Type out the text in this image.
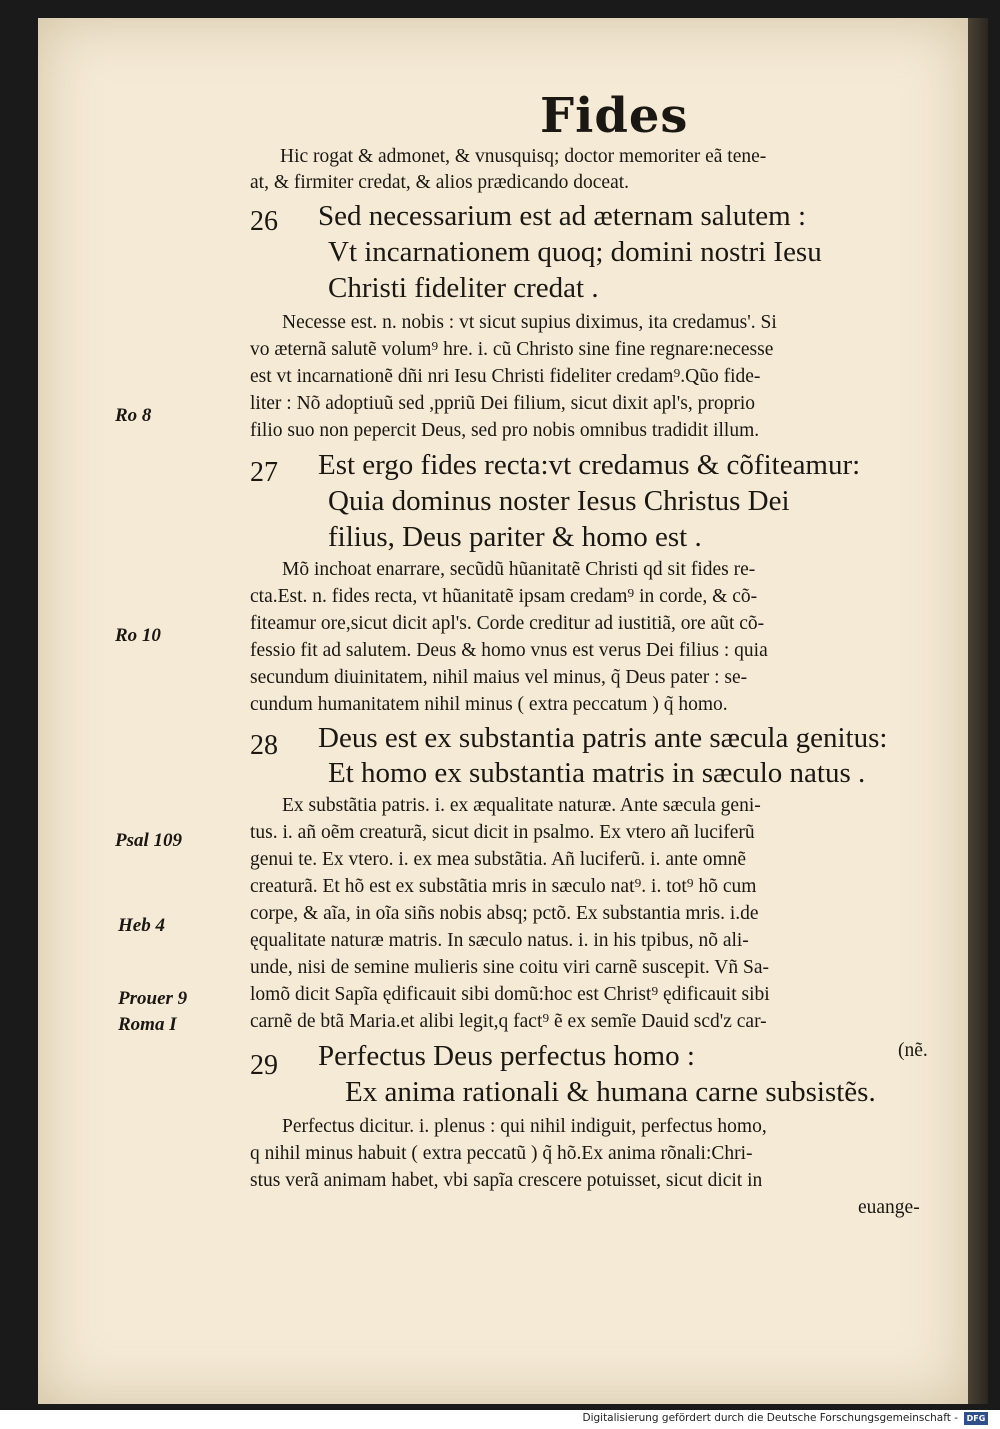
Fides
Hic rogat & admonet, & vnusquisq; doctor memoriter eã tene-
at, & firmiter credat, & alios prædicando doceat.
26 Sed necessarium est ad æternam salutem :
Vt incarnationem quoq; domini nostri Iesu
Christi fideliter credat .
Necesse est. n. nobis : vt sicut supius diximus, ita credamus'. Si
vo æternã salutẽ volum⁹ hre. i. cũ Christo sine fine regnare:necesse
est vt incarnationẽ dñi nri Iesu Christi fideliter credam⁹.Qũo fide-
liter : Nõ adoptiuũ sed ,ppriũ Dei filium, sicut dixit apl's, proprio
filio suo non pepercit Deus, sed pro nobis omnibus tradidit illum.
27 Est ergo fides recta:vt credamus & cõfiteamur:
Quia dominus noster Iesus Christus Dei
filius, Deus pariter & homo est .
Mõ inchoat enarrare, secũdũ hũanitatẽ Christi qd sit fides re-
cta.Est. n. fides recta, vt hũanitatẽ ipsam credam⁹ in corde, & cõ-
fiteamur ore,sicut dicit apl's. Corde creditur ad iustitiã, ore aũt cõ-
fessio fit ad salutem. Deus & homo vnus est verus Dei filius : quia
secundum diuinitatem, nihil maius vel minus, q̃ Deus pater : se-
cundum humanitatem nihil minus ( extra peccatum ) q̃ homo.
28 Deus est ex substantia patris ante sæcula genitus:
Et homo ex substantia matris in sæculo natus .
Ex substãtia patris. i. ex æqualitate naturæ. Ante sæcula geni-
tus. i. añ oẽm creaturã, sicut dicit in psalmo. Ex vtero añ luciferũ
genui te. Ex vtero. i. ex mea substãtia. Añ luciferũ. i. ante omnẽ
creaturã. Et hõ est ex substãtia mris in sæculo nat⁹. i. tot⁹ hõ cum
corpe, & aĩa, in oĩa siñs nobis absq; pctõ. Ex substantia mris. i.de
ęqualitate naturæ matris. In sæculo natus. i. in his tpibus, nõ ali-
unde, nisi de semine mulieris sine coitu viri carnẽ suscepit. Vñ Sa-
lomõ dicit Sapĩa ędificauit sibi domũ:hoc est Christ⁹ ędificauit sibi
carnẽ de btã Maria.et alibi legit,q fact⁹ ẽ ex semĩe Dauid scd'z car-
29 Perfectus Deus perfectus homo :	(nẽ.
Ex anima rationali & humana carne subsistẽs.
Perfectus dicitur. i. plenus : qui nihil indiguit, perfectus homo,
q nihil minus habuit ( extra peccatũ ) q̃ hõ.Ex anima rõnali:Chri-
stus verã animam habet, vbi sapĩa crescere potuisset, sicut dicit in
euange-
Ro 8
Ro 10
Psal 109
Heb 4
Prouer 9
Roma I
Digitalisierung gefördert durch die Deutsche Forschungsgemeinschaft -	DFG
